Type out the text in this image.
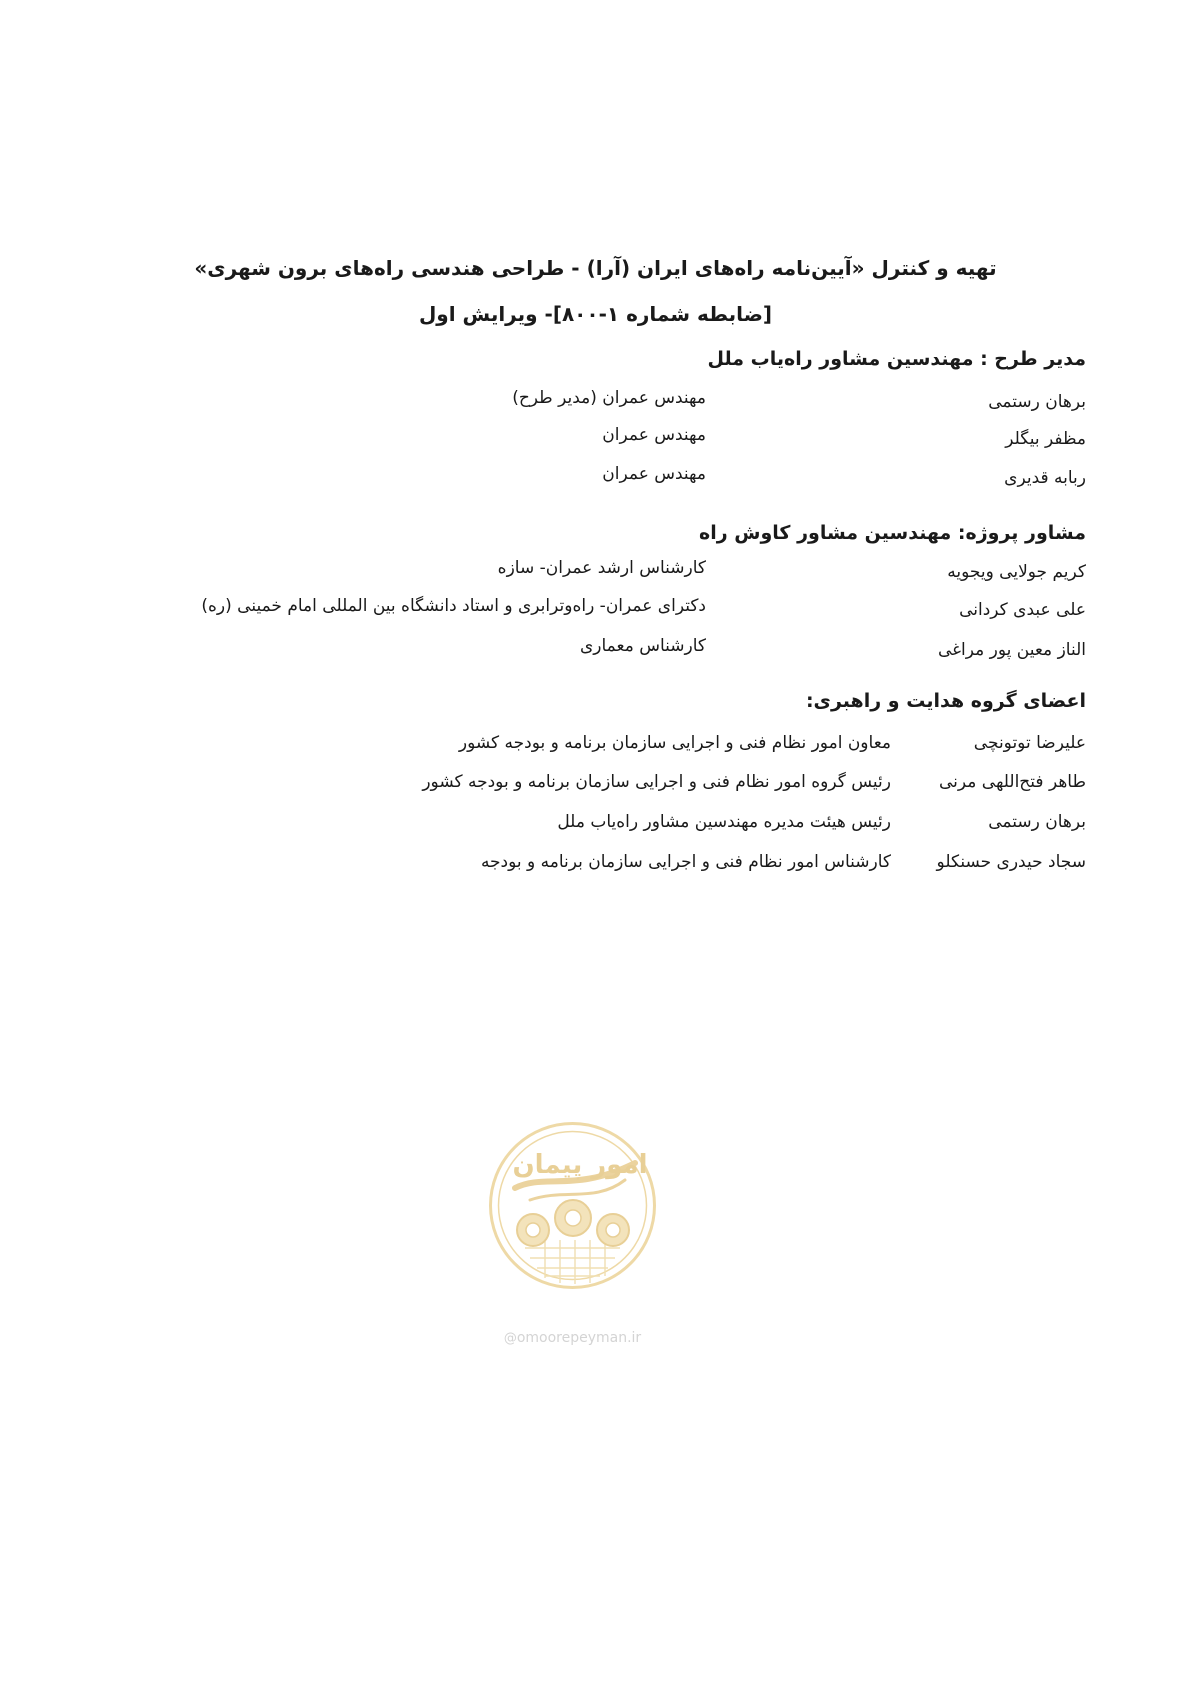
تهیه و کنترل «آیین‌نامه راه‌های ایران (آرا) - طراحی هندسی راه‌های برون شهری»
[ضابطه شماره ۱-۸۰۰]- ویرایش اول
مدیر طرح : مهندسین مشاور راه‌یاب ملل
برهان رستمی
مهندس عمران (مدیر طرح)
مظفر بیگلر
مهندس عمران
ربابه قدیری
مهندس عمران
مشاور پروژه: مهندسین مشاور کاوش راه
کریم جولایی ویجویه
کارشناس ارشد عمران- سازه
علی عبدی کردانی
دکترای عمران- راه‌وترابری و استاد دانشگاه بین المللی امام خمینی (ره)
الناز معین پور مراغی
کارشناس معماری
اعضای گروه هدایت و راهبری:
علیرضا توتونچی
معاون امور نظام فنی و اجرایی سازمان برنامه و بودجه کشور
طاهر فتح‌اللهی مرنی
رئیس گروه امور نظام فنی و اجرایی سازمان برنامه و بودجه کشور
برهان رستمی
رئیس هیئت مدیره مهندسین مشاور راه‌یاب ملل
سجاد حیدری حسنکلو
کارشناس امور نظام فنی و اجرایی سازمان برنامه و بودجه
امور پیمان
@omoorepeyman.ir
